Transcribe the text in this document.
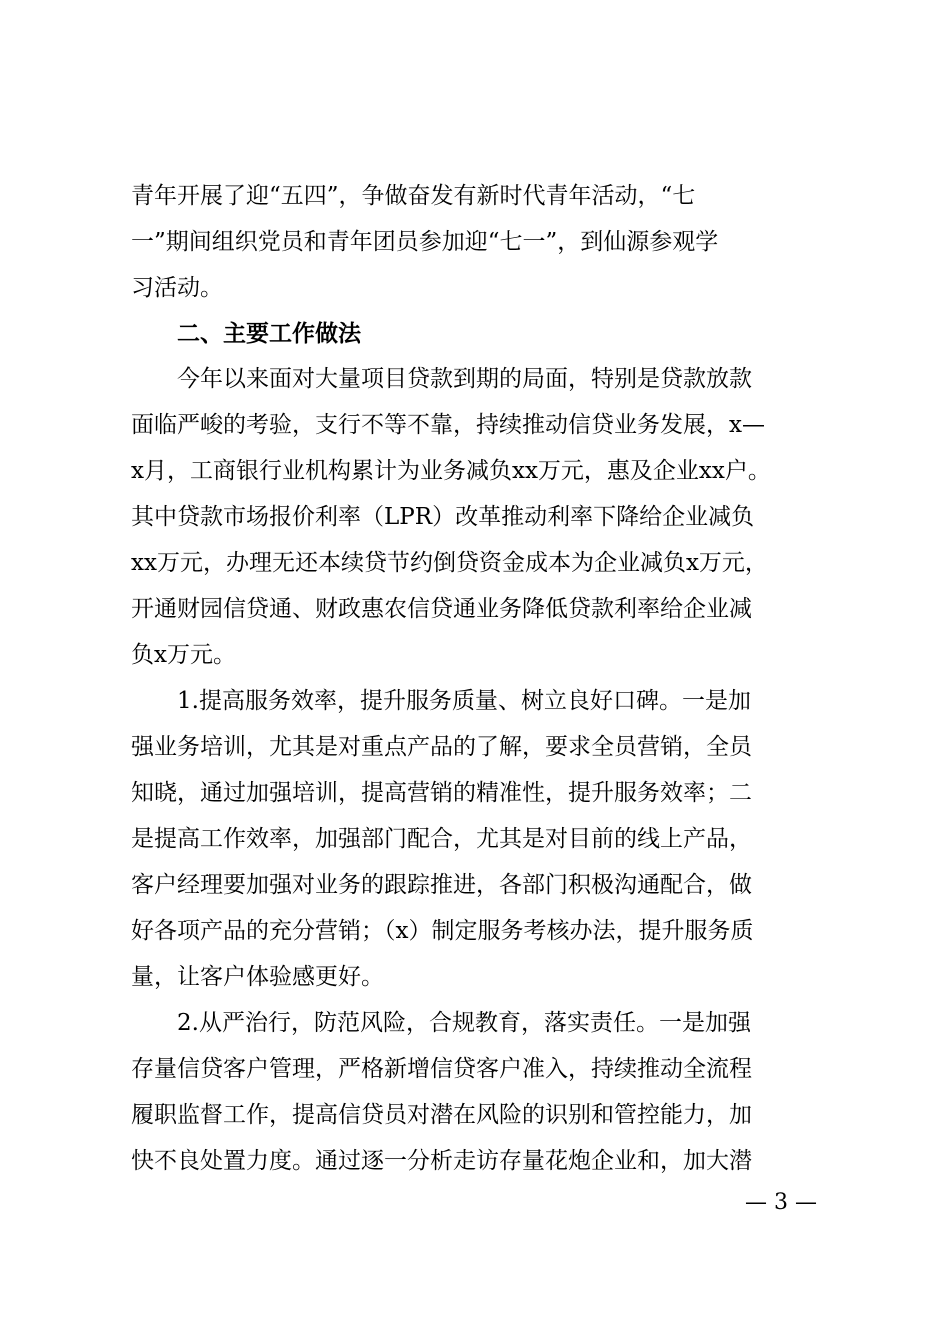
青年开展了迎“五四”，争做奋发有新时代青年活动，“七
一”期间组织党员和青年团员参加迎“七一”，到仙源参观学
习活动。
二、主要工作做法
今年以来面对大量项目贷款到期的局面，特别是贷款放款
面临严峻的考验，支行不等不靠，持续推动信贷业务发展，x—
x月，工商银行业机构累计为业务减负xx万元，惠及企业xx户。
其中贷款市场报价利率（LPR）改革推动利率下降给企业减负
xx万元，办理无还本续贷节约倒贷资金成本为企业减负x万元，
开通财园信贷通、财政惠农信贷通业务降低贷款利率给企业减
负x万元。
1.提高服务效率，提升服务质量、树立良好口碑。一是加
强业务培训，尤其是对重点产品的了解，要求全员营销，全员
知晓，通过加强培训，提高营销的精准性，提升服务效率；二
是提高工作效率，加强部门配合，尤其是对目前的线上产品，
客户经理要加强对业务的跟踪推进，各部门积极沟通配合，做
好各项产品的充分营销；（x）制定服务考核办法，提升服务质
量，让客户体验感更好。
2.从严治行，防范风险，合规教育，落实责任。一是加强
存量信贷客户管理，严格新增信贷客户准入，持续推动全流程
履职监督工作，提高信贷员对潜在风险的识别和管控能力，加
快不良处置力度。通过逐一分析走访存量花炮企业和，加大潜
— 3 —
